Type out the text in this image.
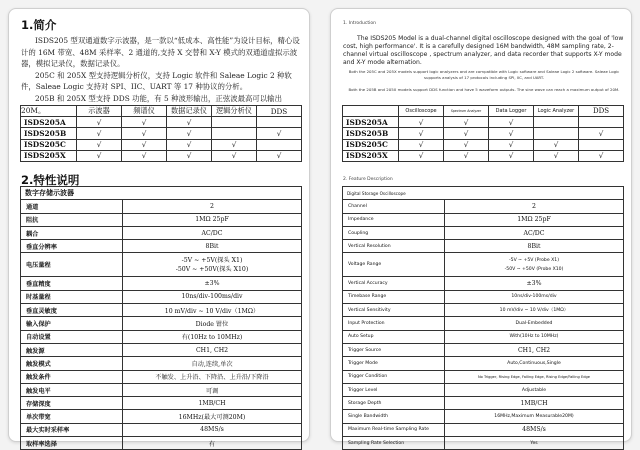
1.简介
ISDS205 型双通道数字示波器，是一款以“低成本、高性能”为设计目标，精心设计的 16M 带宽、48M 采样率、2 通道的,支持 X 交替和 X-Y 模式的双通道虚拟示波器，模拟记录仪，数据记录仪。
205C 和 205X 型支持逻辑分析仪，支持 Logic 软件和 Saleae Logic 2 种软件，Saleae Logic 支持对 SPI、IIC、UART 等 17 种协议的分析。
205B 和 205X 型支持 DDS 功能，有 5 种波形输出，正弦波最高可以输出 20M。
		示波器	频谱仪	数据记录仪	逻辑分析仪	DDS
ISDS205A	√	√	√		
ISDS205B	√	√	√		√
ISDS205C	√	√	√	√	
ISDS205X	√	√	√	√	√
2.特性说明
数字存储示波器	
通道	2
阻抗	1MΩ 25pF
耦合	AC/DC
垂直分辨率	8Bit
电压量程	-5V ~ +5V(探头 X1)
-50V ~ +50V(探头 X10)

垂直精度	±3%
时基量程	10ns/div-100ms/div
垂直灵敏度	10 mV/div ~ 10 V/div（1MΩ）
输入保护	Diode 钳位
自动设置	有(10Hz to 10MHz)
触发源	CH1, CH2
触发模式	自动,连续,单次
触发条件	不触发、上升沿、下降沿、上升沿/下降沿
触发电平	可调
存储深度	1MB/CH
单次带宽	16MHz(最大可测20M)
最大实时采样率	48MS/s
取样率选择	有
1. Introduction
The ISDS205 Model is a dual-channel digital oscilloscope designed with the goal of 'low cost, high performance'. It is a carefully designed 16M bandwidth, 48M sampling rate, 2-channel virtual oscilloscope , spectrum analyzer, and data recorder that supports X-Y mode and X-Y mode alternation.
Both the 205C and 205X models support logic analyzers and are compatible with Logic software and Saleae Logic 2 software. Saleae Logic supports analysis of 17 protocols including SPI, IIC, and UART.
Both the 205B and 205X models support DDS function and have 5 waveform outputs. The sine wave can reach a maximum output of 20M.
	Oscilloscope	Spectrum Analyzer	Data Logger	Logic Analyzer	DDS
ISDS205A	√	√	√		
ISDS205B	√	√	√		√
ISDS205C	√	√	√	√	
ISDS205X	√	√	√	√	√
2. Feature Description
Digital Storage Oscilloscope	
Channel	2
Impedance	1MΩ 25pF
Coupling	AC/DC
Vertical Resolution	8Bit
Voltage Range	-5V ~ +5V (Probe X1)
-50V ~ +50V (Probe X10)

Vertical Accuracy	±3%
Timebase Range	10ns/div-100ms/div
Vertical Sensitivity	10 mV/div ~ 10 V/div（1MΩ）
Input Protection	Dual-Embedded
Auto Setup	With(10Hz to 10MHz)
Trigger Source	CH1, CH2
Trigger Mode	Auto,Continuous,Single
Trigger Condition	No Trigger, Rising Edge, Falling Edge, Rising Edge/Falling Edge
Trigger Level	Adjustable
Storage Depth	1MB/CH
Single Bandwidth	16MHz,Maximum Measurable20M)
Maximum Real-time Sampling Rate	48MS/s
Sampling Rate Selection	Yes
